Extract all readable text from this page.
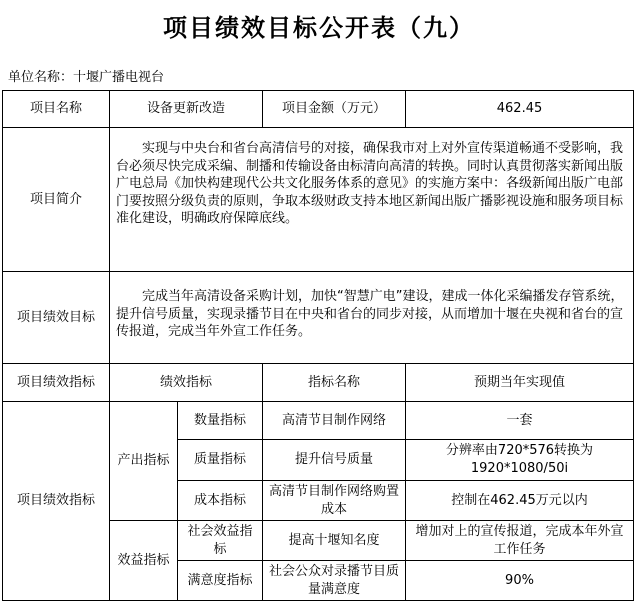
项目绩效目标公开表（九）
单位名称：十堰广播电视台
项目名称	设备更新改造		项目金额（万元）	462.45
项目简介	实现与中央台和省台高清信号的对接，确保我市对上对外宣传渠道畅通不受影响，我台必须尽快完成采编、制播和传输设备由标清向高清的转换。同时认真贯彻落实新闻出版广电总局《加快构建现代公共文化服务体系的意见》的实施方案中：各级新闻出版广电部门要按照分级负责的原则，争取本级财政支持本地区新闻出版广播影视设施和服务项目标准化建设，明确政府保障底线。			

项目绩效目标	完成当年高清设备采购计划，加快“智慧广电”建设，建成一体化采编播发存管系统，提升信号质量，实现录播节目在中央和省台的同步对接，从而增加十堰在央视和省台的宣传报道，完成当年外宣工作任务。			

项目绩效指标	绩效指标		指标名称	预期当年实现值
项目绩效指标	产出指标	数量指标	高清节目制作网络	一套
		质量指标	提升信号质量	分辨率由720*576转换为1920*1080/50i
		成本指标	高清节目制作网络购置成本	控制在462.45万元以内
	效益指标	社会效益指标	提高十堰知名度	增加对上的宣传报道，完成本年外宣工作任务
		满意度指标	社会公众对录播节目质量满意度	90%
